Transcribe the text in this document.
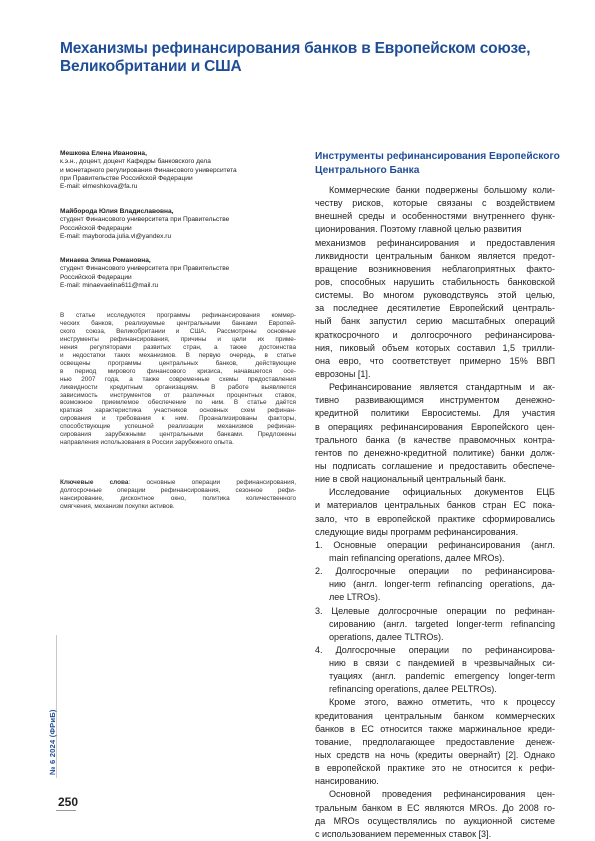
Механизмы рефинансирования банков в Европейском союзе,
Великобритании и США
Мешкова Елена Ивановна,
к.э.н., доцент, доцент Кафедры банковского дела
и монетарного регулирования Финансового университета
при Правительстве Российской Федерации
E-mail: elmeshkova@fa.ru
Майборода Юлия Владиславовна,
студент Финансового университета при Правительстве
Российской Федерации
E-mail: mayboroda.julia.vl@yandex.ru
Минаева Элина Романовна,
студент Финансового университета при Правительстве
Российской Федерации
E-mail: minaevaelina611@mail.ru
В статье исследуются программы рефинансирования коммер-
ческих банков, реализуемые центральными банками Европей-
ского союза, Великобритании и США. Рассмотрены основные
инструменты рефинансирования, причины и цели их приме-
нения регуляторами развитых стран, а также достоинства
и недостатки таких механизмов. В первую очередь, в статье
освещены программы центральных банков, действующие
в период мирового финансового кризиса, начавшегося осе-
нью 2007 года, а также современные схемы предоставления
ликвидности кредитным организациям. В работе выявляется
зависимость инструментов от различных процентных ставок,
возможное приемлемое обеспечение по ним. В статье даётся
краткая характеристика участников основных схем рефинан-
сирования и требования к ним. Проанализированы факторы,
способствующие успешной реализации механизмов рефинан-
сирования зарубежными центральными банками. Предложены
направления использования в России зарубежного опыта.
Ключевые слова: основные операции рефинансирования,
долгосрочные операции рефинансирования, сезонное рефи-
нансирование, дисконтное окно, политика количественного
смягчения, механизм покупки активов.
Инструменты рефинансирования Европейского
Центрального Банка
Коммерческие банки подвержены большому коли-
честву рисков, которые связаны с воздействием
внешней среды и особенностями внутреннего функ-
ционирования. Поэтому главной целью развития
механизмов рефинансирования и предоставления
ликвидности центральным банком является предот-
вращение возникновения неблагоприятных факто-
ров, способных нарушить стабильность банковской
системы. Во многом руководствуясь этой целью,
за последнее десятилетие Европейский централь-
ный банк запустил серию масштабных операций
краткосрочного и долгосрочного рефинансирова-
ния, пиковый объем которых составил 1,5 трилли-
она евро, что соответствует примерно 15% ВВП
еврозоны [1].
Рефинансирование является стандартным и ак-
тивно развивающимся инструментом денежно-
кредитной политики Евросистемы. Для участия
в операциях рефинансирования Европейского цен-
трального банка (в качестве правомочных контра-
гентов по денежно-кредитной политике) банки долж-
ны подписать соглашение и предоставить обеспече-
ние в свой национальный центральный банк.
Исследование официальных документов ЕЦБ
и материалов центральных банков стран ЕС пока-
зало, что в европейской практике сформировались
следующие виды программ рефинансирования.
1. Основные операции рефинансирования (англ.
main refinancing operations, далее MROs).
2. Долгосрочные операции по рефинансирова-
нию (англ. longer-term refinancing operations, да-
лее LTROs).
3. Целевые долгосрочные операции по рефинан-
сированию (англ. targeted longer-term refinancing
operations, далее TLTROs).
4. Долгосрочные операции по рефинансирова-
нию в связи с пандемией в чрезвычайных си-
туациях (англ. pandemic emergency longer-term
refinancing operations, далее PELTROs).
Кроме этого, важно отметить, что к процессу
кредитования центральным банком коммерческих
банков в ЕС относится также маржинальное креди-
тование, предполагающее предоставление денеж-
ных средств на ночь (кредиты овернайт) [2]. Однако
в европейской практике это не относится к рефи-
нансированию.
Основной проведения рефинансирования цен-
тральным банком в ЕС являются MROs. До 2008 го-
да MROs осуществлялись по аукционной системе
с использованием переменных ставок [3].
№ 6 2024 (ФРиБ)
250
